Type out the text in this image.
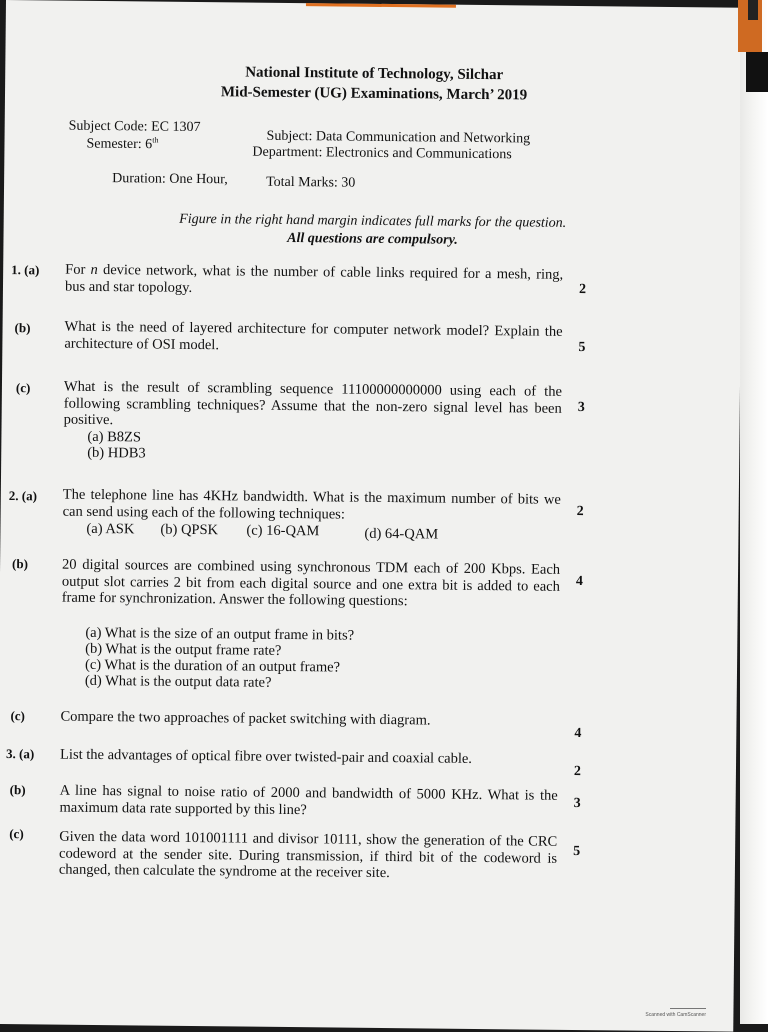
National Institute of Technology, Silchar
Mid-Semester (UG) Examinations, March’ 2019
Subject Code: EC 1307
Semester: 6th	Subject: Data Communication and Networking
Department: Electronics and Communications
Duration: One Hour,	Total Marks: 30
Figure in the right hand margin indicates full marks for the question.
All questions are compulsory.
1. (a) For n device network, what is the number of cable links required for a mesh, ring, bus and star topology.	2
(b) What is the need of layered architecture for computer network model? Explain the architecture of OSI model.	5
(c) What is the result of scrambling sequence 11100000000000 using each of the following scrambling techniques? Assume that the non-zero signal level has been positive.
3
(a) B8ZS
(b) HDB3
2. (a) The telephone line has 4KHz bandwidth. What is the maximum number of bits we can send using each of the following techniques:	2
(a) ASK (b) QPSK (c) 16-QAM	(d) 64-QAM
(b) 20 digital sources are combined using synchronous TDM each of 200 Kbps. Each output slot carries 2 bit from each digital source and one extra bit is added to each frame for synchronization. Answer the following questions:
4
(a) What is the size of an output frame in bits?
(b) What is the output frame rate?
(c) What is the duration of an output frame?
(d) What is the output data rate?
(c) Compare the two approaches of packet switching with diagram.
4
3. (a) List the advantages of optical fibre over twisted-pair and coaxial cable.
2
(b) A line has signal to noise ratio of 2000 and bandwidth of 5000 KHz. What is the maximum data rate supported by this line?	3
(c) Given the data word 101001111 and divisor 10111, show the generation of the CRC codeword at the sender site. During transmission, if third bit of the codeword is changed, then calculate the syndrome at the receiver site.
5
Scanned with CamScanner
